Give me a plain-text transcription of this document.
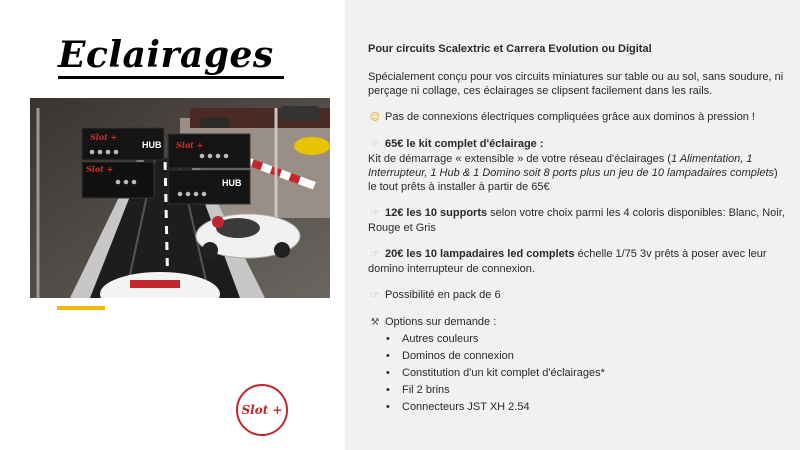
Eclairages
HUB
Slot +
Slot +
Slot +
HUB
Slot +
Pour circuits Scalextric et Carrera Evolution ou Digital
Spécialement conçu pour vos circuits miniatures sur table ou au sol, sans soudure, ni perçage ni collage, ces éclairages se clipsent facilement dans les rails.
☺ Pas de connexions électriques compliquées grâce aux dominos à pression !
☞ 65€ le kit complet d'éclairage :
Kit de démarrage « extensible » de votre réseau d'éclairages (1 Alimentation, 1 Interrupteur, 1 Hub & 1 Domino soit 8 ports plus un jeu de 10 lampadaires complets) le tout prêts à installer à partir de 65€
☞ 12€ les 10 supports selon votre choix parmi les 4 coloris disponibles: Blanc, Noir, Rouge et Gris
☞ 20€ les 10 lampadaires led complets échelle 1/75 3v prêts à poser avec leur domino interrupteur de connexion.
☞ Possibilité en pack de 6
⚒ Options sur demande :
• Autres couleurs
• Dominos de connexion
• Constitution d'un kit complet d'éclairages*
• Fil 2 brins
• Connecteurs JST XH 2.54
